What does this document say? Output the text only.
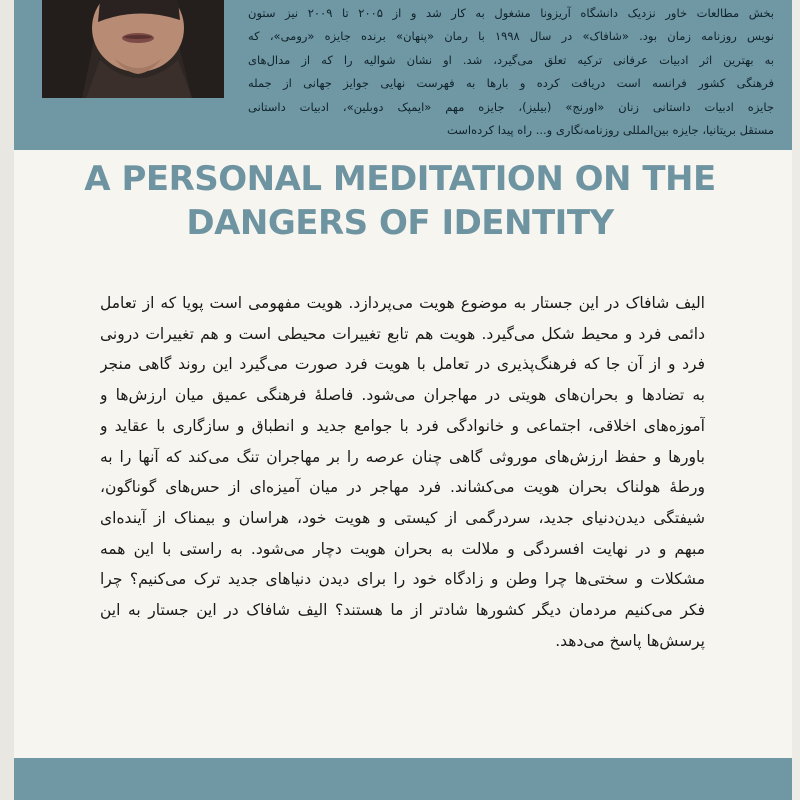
بخش مطالعات خاور نزدیک دانشگاه آریزونا مشغول به کار شد و از ۲۰۰۵ تا ۲۰۰۹ نیز ستون
نویس روزنامه زمان بود. «شافاک» در سال ۱۹۹۸ با رمان «پنهان» برنده جایزه «رومی»، که
به بهترین اثر ادبیات عرفانی ترکیه تعلق می‌گیرد، شد. او نشان شوالیه را که از مدال‌های
فرهنگی کشور فرانسه است دریافت کرده و بارها به فهرست نهایی جوایز جهانی از جمله
جایزه ادبیات داستانی زنان «اورنج» (بیلیز)، جایزه مهم «ایمپک دوبلین»، ادبیات داستانی
مستقل بریتانیا، جایزه بین‌المللی روزنامه‌نگاری و... راه پیدا کرده‌است
A PERSONAL MEDITATION ON THE
DANGERS OF IDENTITY
الیف شافاک در این جستار به موضوع هویت می‌پردازد. هویت مفهومی است پویا که از تعامل
دائمی فرد و محیط شکل می‌گیرد. هویت هم تابع تغییرات محیطی است و هم تغییرات درونی
فرد و از آن جا که فرهنگ‌پذیری در تعامل با هویت فرد صورت می‌گیرد این روند گاهی منجر
به تضادها و بحران‌های هویتی در مهاجران می‌شود. فاصلهٔ فرهنگی عمیق میان ارزش‌ها و
آموزه‌های اخلاقی، اجتماعی و خانوادگی فرد با جوامع جدید و انطباق و سازگاری با عقاید و
باورها و حفظ ارزش‌های موروثی گاهی چنان عرصه را بر مهاجران تنگ می‌کند که آنها را به
ورطهٔ هولناک بحران هویت می‌کشاند. فرد مهاجر در میان آمیزه‌ای از حس‌های گوناگون،
شیفتگی دیدن‌دنیای جدید، سردرگمی از کیستی و هویت خود، هراسان و بیمناک از آینده‌ای
مبهم و در نهایت افسردگی و ملالت به بحران هویت دچار می‌شود. به راستی با این همه
مشکلات و سختی‌ها چرا وطن و زادگاه خود را برای دیدن دنیاهای جدید ترک می‌کنیم؟ چرا
فکر می‌کنیم مردمان دیگر کشورها شادتر از ما هستند؟ الیف شافاک در این جستار به این
پرسش‌ها پاسخ می‌دهد.
